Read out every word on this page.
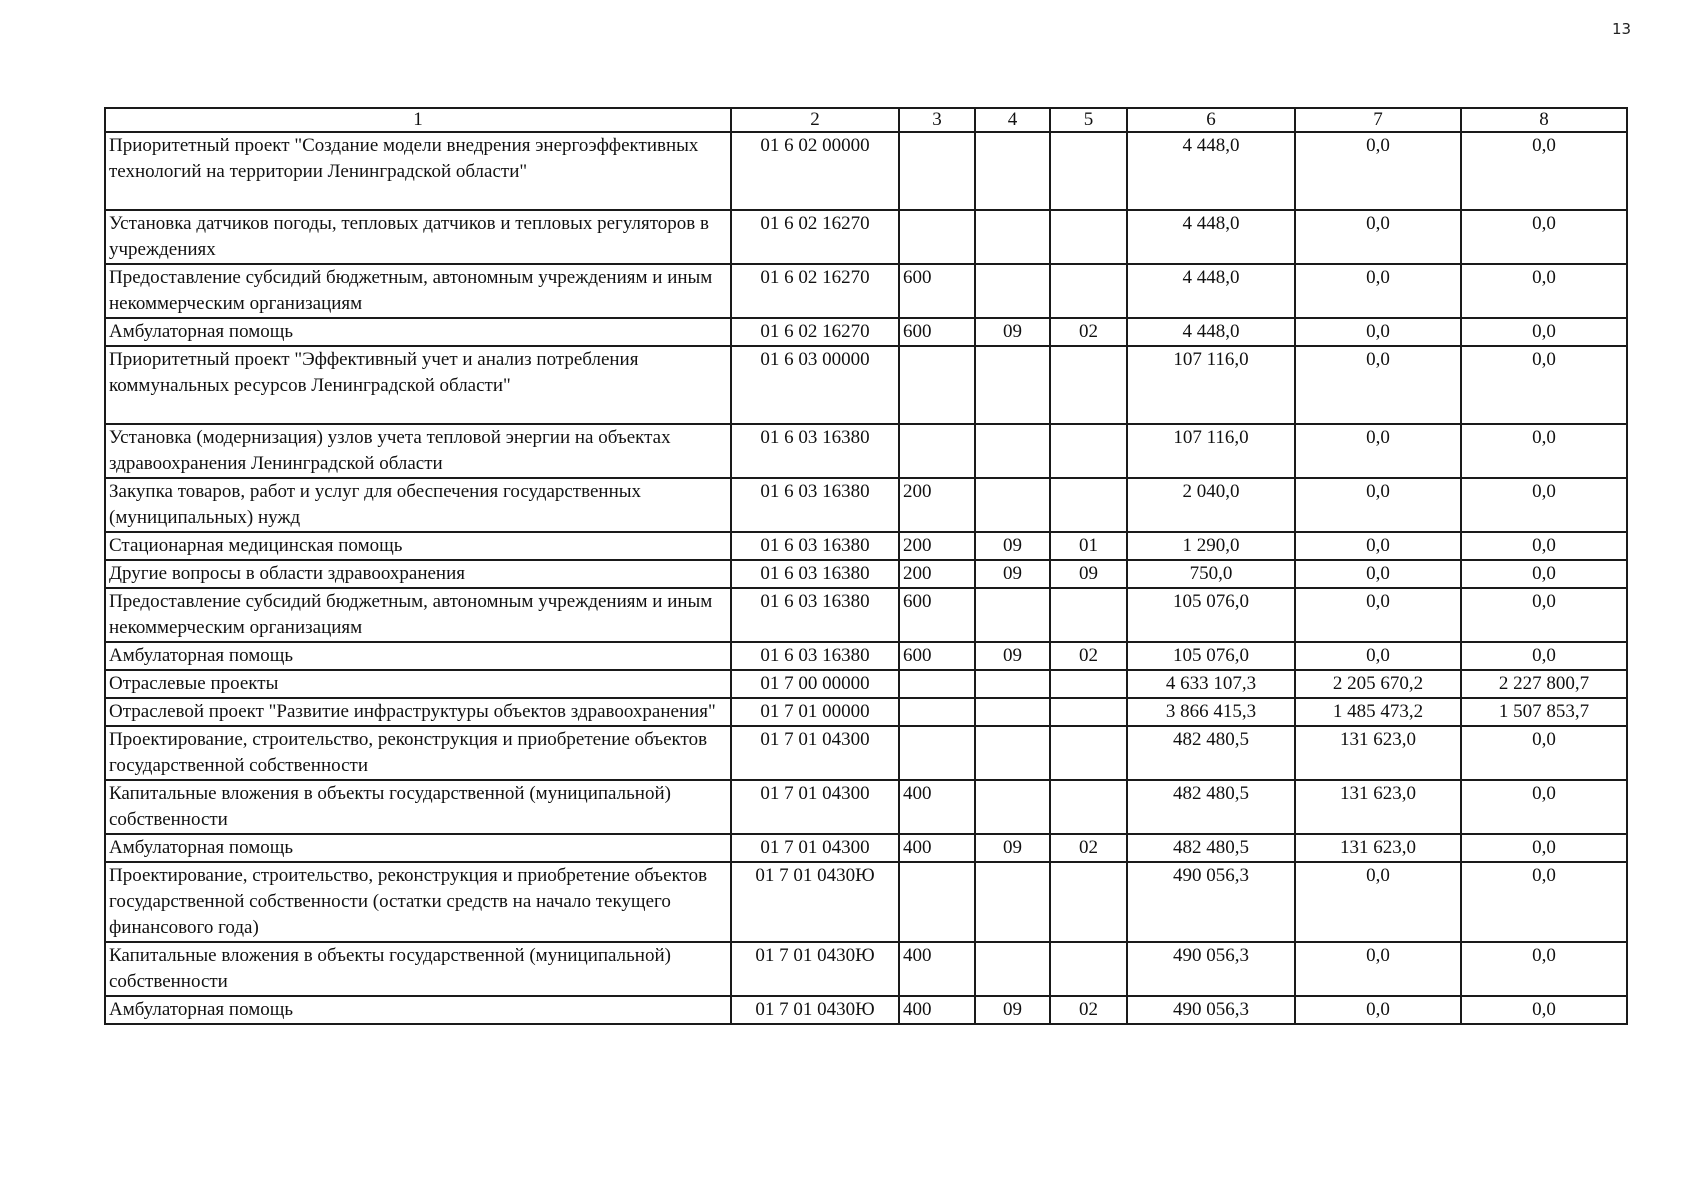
13
1	2	3	4	5	6	7	8
Приоритетный проект "Создание модели внедрения энергоэффективных технологий на территории Ленинградской области"	01 6 02 00000				4 448,0	0,0	0,0
Установка датчиков погоды, тепловых датчиков и тепловых регуляторов в учреждениях	01 6 02 16270				4 448,0	0,0	0,0
Предоставление субсидий бюджетным, автономным учреждениям и иным некоммерческим организациям	01 6 02 16270	600			4 448,0	0,0	0,0
Амбулаторная помощь	01 6 02 16270	600	09	02	4 448,0	0,0	0,0
Приоритетный проект "Эффективный учет и анализ потребления коммунальных ресурсов Ленинградской области"	01 6 03 00000				107 116,0	0,0	0,0
Установка (модернизация) узлов учета тепловой энергии на объектах здравоохранения Ленинградской области	01 6 03 16380				107 116,0	0,0	0,0
Закупка товаров, работ и услуг для обеспечения государственных (муниципальных) нужд	01 6 03 16380	200			2 040,0	0,0	0,0
Стационарная медицинская помощь	01 6 03 16380	200	09	01	1 290,0	0,0	0,0
Другие вопросы в области здравоохранения	01 6 03 16380	200	09	09	750,0	0,0	0,0
Предоставление субсидий бюджетным, автономным учреждениям и иным некоммерческим организациям	01 6 03 16380	600			105 076,0	0,0	0,0
Амбулаторная помощь	01 6 03 16380	600	09	02	105 076,0	0,0	0,0
Отраслевые проекты	01 7 00 00000				4 633 107,3	2 205 670,2	2 227 800,7
Отраслевой проект "Развитие инфраструктуры объектов здравоохранения"	01 7 01 00000				3 866 415,3	1 485 473,2	1 507 853,7
Проектирование, строительство, реконструкция и приобретение объектов государственной собственности	01 7 01 04300				482 480,5	131 623,0	0,0
Капитальные вложения в объекты государственной (муниципальной) собственности	01 7 01 04300	400			482 480,5	131 623,0	0,0
Амбулаторная помощь	01 7 01 04300	400	09	02	482 480,5	131 623,0	0,0
Проектирование, строительство, реконструкция и приобретение объектов государственной собственности (остатки средств на начало текущего финансового года)	01 7 01 0430Ю				490 056,3	0,0	0,0
Капитальные вложения в объекты государственной (муниципальной) собственности	01 7 01 0430Ю	400			490 056,3	0,0	0,0
Амбулаторная помощь	01 7 01 0430Ю	400	09	02	490 056,3	0,0	0,0
